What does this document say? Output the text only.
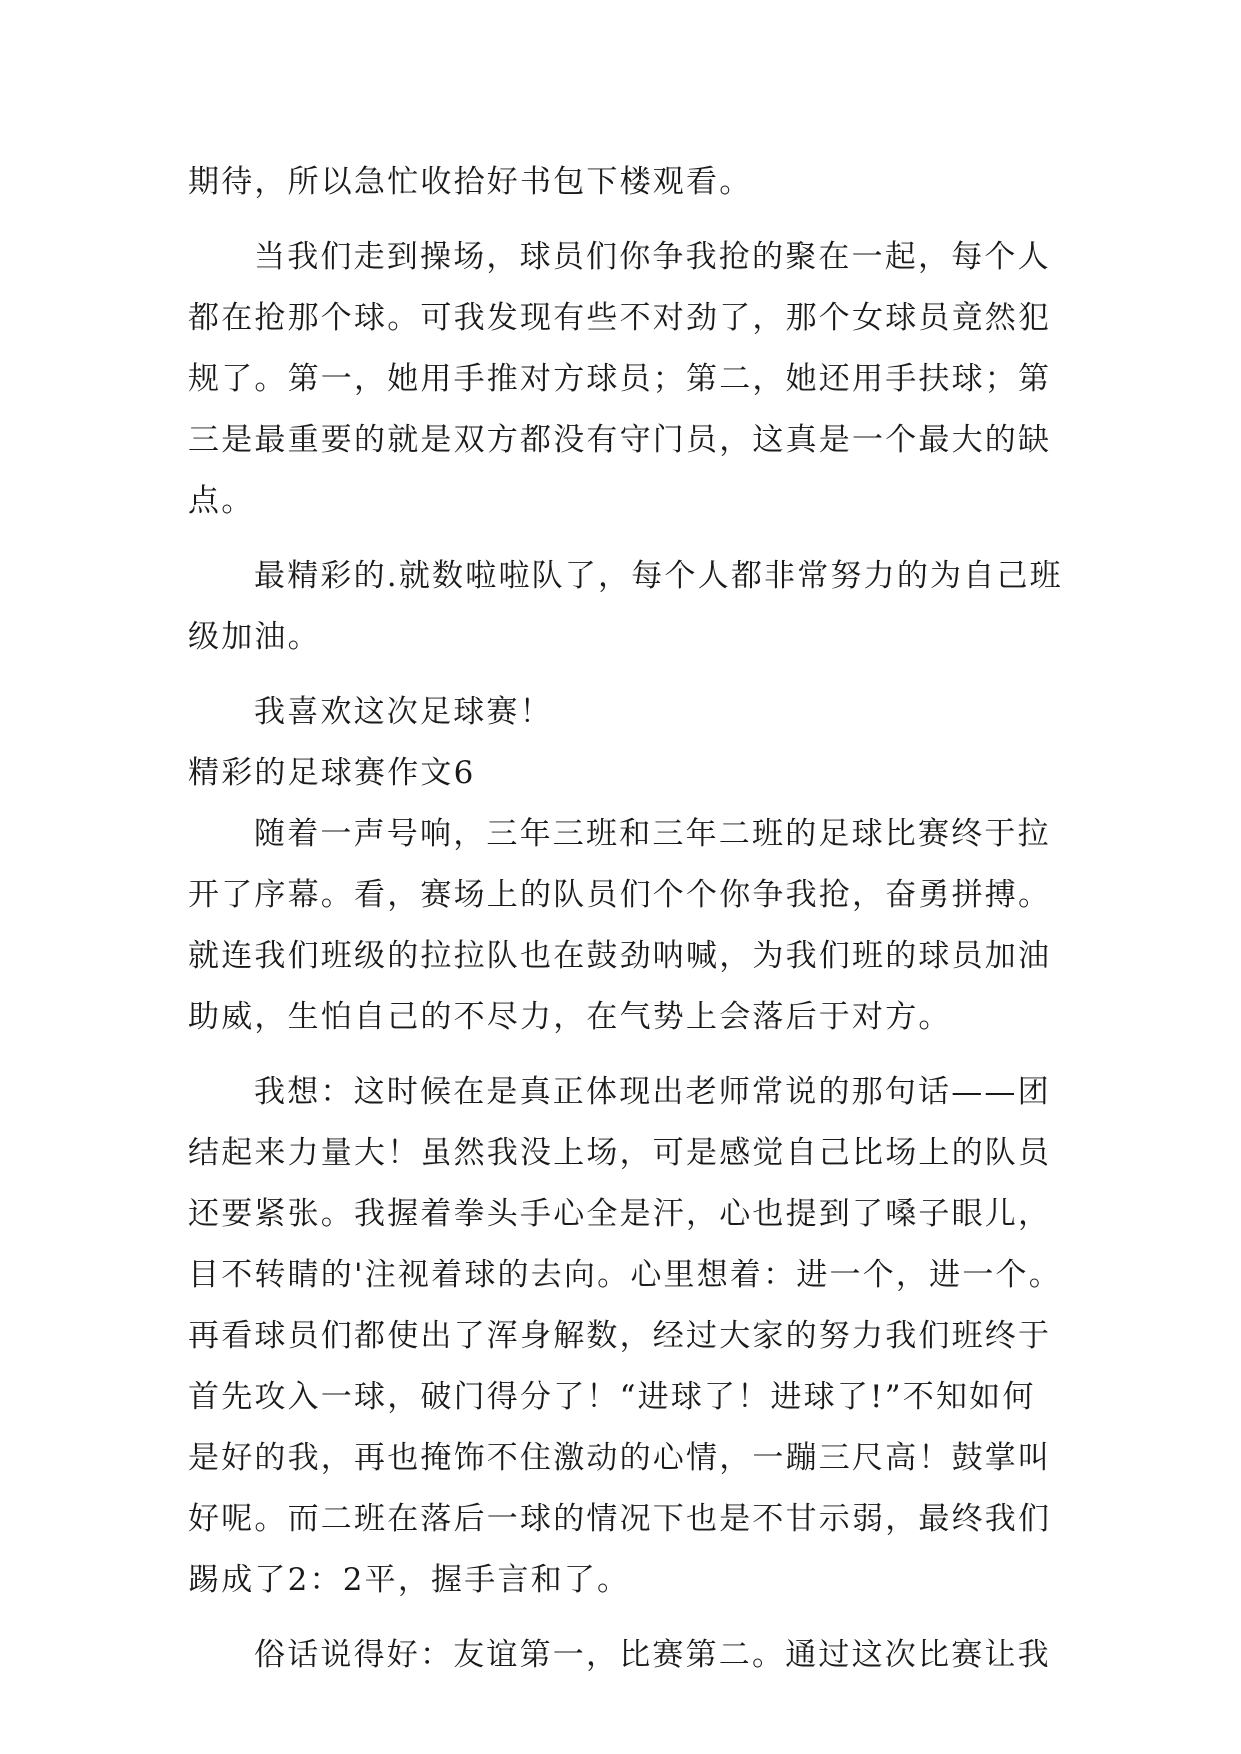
期待，所以急忙收拾好书包下楼观看。

当我们走到操场，球员们你争我抢的聚在一起，每个人都在抢那个球。可我发现有些不对劲了，那个女球员竟然犯规了。第一，她用手推对方球员；第二，她还用手扶球；第三是最重要的就是双方都没有守门员，这真是一个最大的缺点。

最精彩的.就数啦啦队了，每个人都非常努力的为自己班级加油。

我喜欢这次足球赛！

精彩的足球赛作文6

随着一声号响，三年三班和三年二班的足球比赛终于拉开了序幕。看，赛场上的队员们个个你争我抢，奋勇拼搏。就连我们班级的拉拉队也在鼓劲呐喊，为我们班的球员加油助威，生怕自己的不尽力，在气势上会落后于对方。

我想：这时候在是真正体现出老师常说的那句话——团结起来力量大！虽然我没上场，可是感觉自己比场上的队员还要紧张。我握着拳头手心全是汗，心也提到了嗓子眼儿，目不转睛的'注视着球的去向。心里想着：进一个，进一个。再看球员们都使出了浑身解数，经过大家的努力我们班终于首先攻入一球，破门得分了！“进球了！进球了!”不知如何是好的我，再也掩饰不住激动的心情，一蹦三尺高！鼓掌叫好呢。而二班在落后一球的情况下也是不甘示弱，最终我们踢成了2：2平，握手言和了。

俗话说得好：友谊第一，比赛第二。通过这次比赛让我
